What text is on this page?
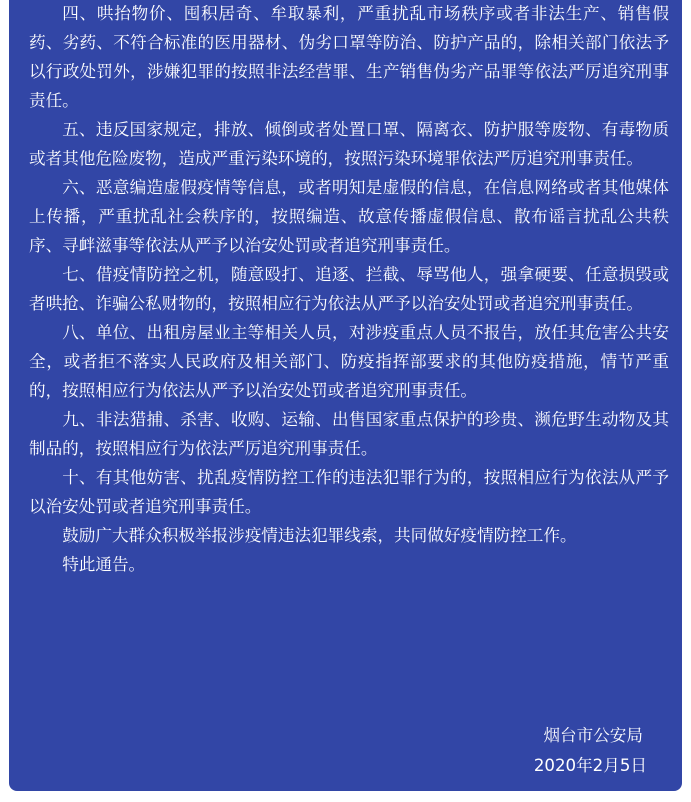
四、哄抬物价、囤积居奇、牟取暴利，严重扰乱市场秩序或者非法生产、销售假药、劣药、不符合标准的医用器材、伪劣口罩等防治、防护产品的，除相关部门依法予以行政处罚外，涉嫌犯罪的按照非法经营罪、生产销售伪劣产品罪等依法严厉追究刑事责任。

五、违反国家规定，排放、倾倒或者处置口罩、隔离衣、防护服等废物、有毒物质或者其他危险废物，造成严重污染环境的，按照污染环境罪依法严厉追究刑事责任。

六、恶意编造虚假疫情等信息，或者明知是虚假的信息，在信息网络或者其他媒体上传播，严重扰乱社会秩序的，按照编造、故意传播虚假信息、散布谣言扰乱公共秩序、寻衅滋事等依法从严予以治安处罚或者追究刑事责任。

七、借疫情防控之机，随意殴打、追逐、拦截、辱骂他人，强拿硬要、任意损毁或者哄抢、诈骗公私财物的，按照相应行为依法从严予以治安处罚或者追究刑事责任。

八、单位、出租房屋业主等相关人员，对涉疫重点人员不报告，放任其危害公共安全，或者拒不落实人民政府及相关部门、防疫指挥部要求的其他防疫措施，情节严重的，按照相应行为依法从严予以治安处罚或者追究刑事责任。

九、非法猎捕、杀害、收购、运输、出售国家重点保护的珍贵、濒危野生动物及其制品的，按照相应行为依法严厉追究刑事责任。

十、有其他妨害、扰乱疫情防控工作的违法犯罪行为的，按照相应行为依法从严予以治安处罚或者追究刑事责任。

鼓励广大群众积极举报涉疫情违法犯罪线索，共同做好疫情防控工作。

特此通告。

烟台市公安局
2020年2月5日
